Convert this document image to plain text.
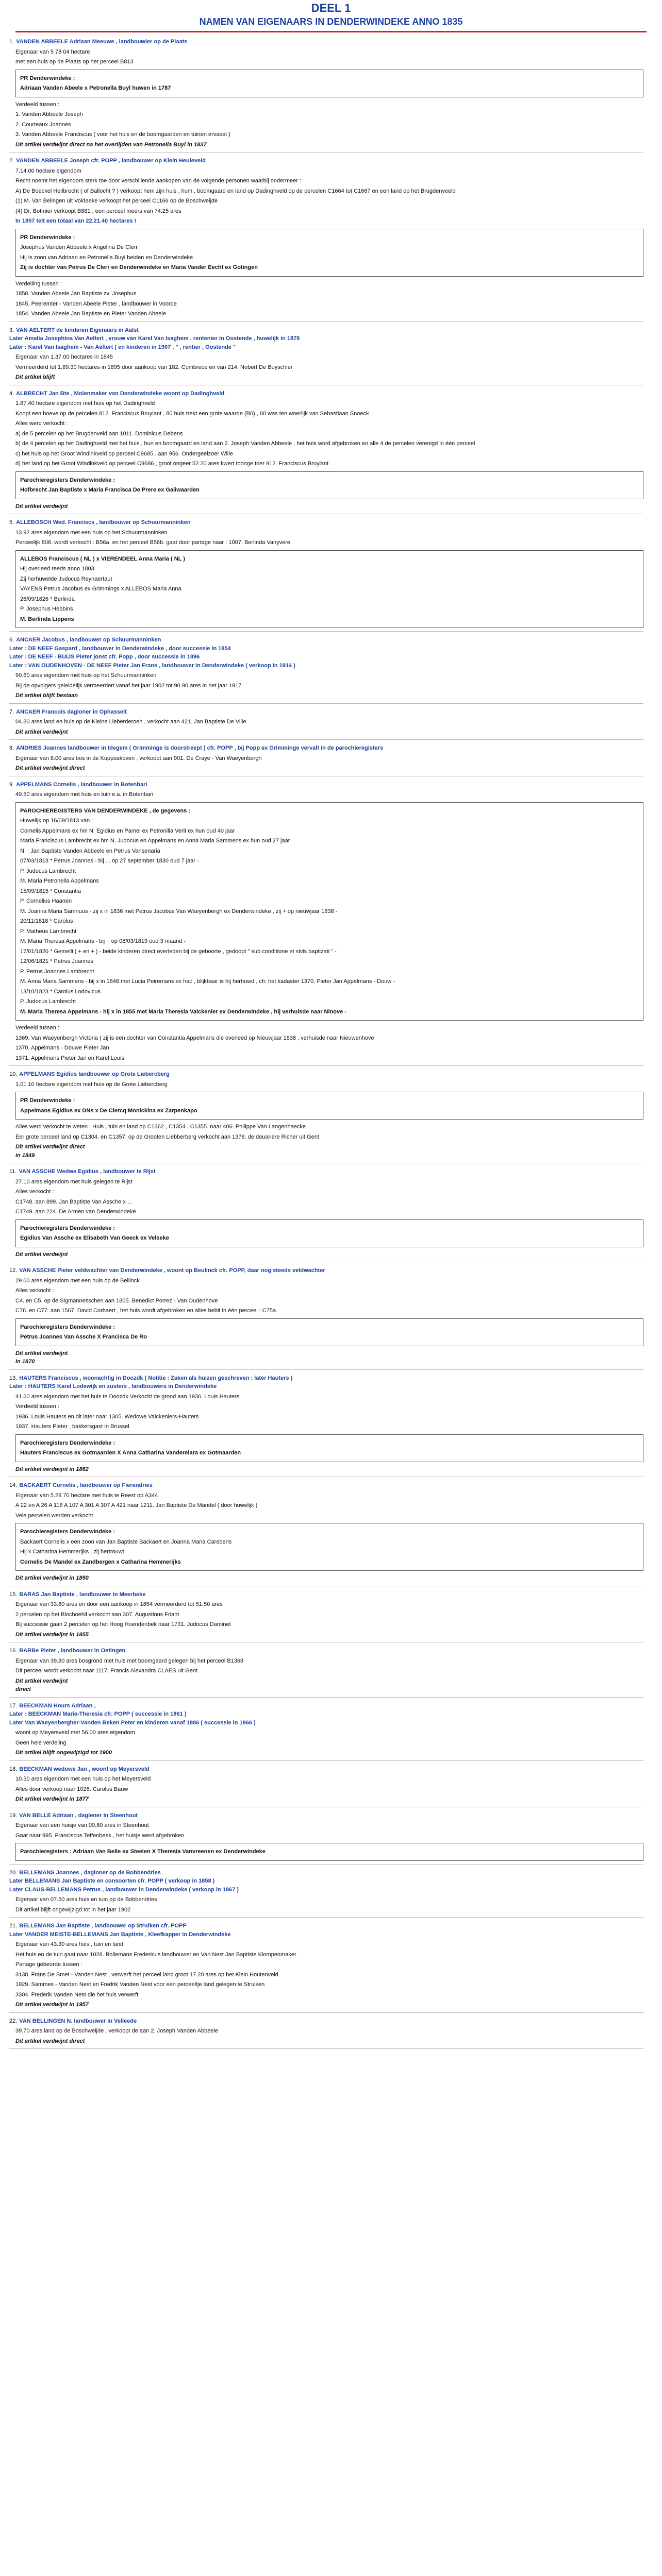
DEEL 1
NAMEN VAN EIGENAARS IN DENDERWINDEKE ANNO 1835
1. VANDEN ABBEELE Adriaan Meeuwe , landbouwier op de Plaats

Eigenaar van 5 78 04 hectare

met een huis op de Plaats op het perceel B813

PR Denderwindeke :

Adriaan Vanden Abeele x Petronella Buyl huwen in 1787

Verdeeld tussen :

1. Vanden Abbeele Joseph

2. Courteaux Joannes

3. Vanden Abbeele Franciscus ( voor het huis en de boomgaarden en tuinen ervaast )

Dit artikel verdwijnt direct na het overlijden van Petronella Buyl in 1837
2. VANDEN ABBEELE Joseph cfr. POPP , landbouwer op Klein Heuleveld

7.14.00 hectare eigendom

Recht noemt het eigendom sterk toe door verschillende aankopen van de volgende personen waarbij ondermeer :

A) De Boeckel Heilbrecht ( of Ballocht ? ) verkoopt hem zijn huis , hum , boomgaard en land op Dadinghveld op de percelen C1664 tot C1667 en een land op het Brugdenveeld

(1) M. Van Belingen uit Voldeeke verkoopt het perceel C1166 op de Boschweijde

(4) Dr. Botmier verkoopt B881 , een perceel meers van 74.25 ares

In 1857 telt een totaal van 22.21.40 hectares !

PR Denderwindeke :

Josephus Vanden Abbeele x Angelina De Clerr

Hij is zoon van Adriaan en Petronella Buyl beiden en Denderwindeke

Zij is dochter van Petrus De Clerr en Denderwindeke en Maria Vander Eecht ex Gotingen

Verdelling tussen :

1858. Vanden Abeele Jan Baptiste zv. Josephus

1845. Peeremter - Vanden Abeele Pieter , landbouwer in Voorde

1854. Vanden Abeele Jan Baptiste en Pieter Vanden Abeele

3. VAN AELTERT de kinderen Eigenaars in Aalst
Later Amalia Josephina Van Aeltert , vrouw van Karel Van Isaghem , rentenier in Oostende , huwelijk in 1876
Later : Karel Van Isaghem - Van Aeltert ( en kinderen in 1907 , " , rentier , Oostende "

Eigenaar van 1.37.00 hectares in 1845

Vermeerderd tot 1.89.30 hectares in 1895 door aankoop van 182. Combrece en van 214. Nobert De Buyschier

Dit artikel blijft
4. ALBRECHT Jan Bte , Molenmaker van Denderwindeke woont op Dadinghveld

1.87.40 hectare eigendom met huis op het Dadinghveld

Koopt een hoeve op de percelen 812. Franciscus Bruylant , 80 huis trekt een grote waarde (B0) , 80 was ten woerlijk van Sebastiaan Snoeck

Alles werd verkocht :

a) de 5 percelen op het Brugdenveld aan 1011. Dominicus Debens

b) de 4 percelen op het Dadinghveld met het huis , hun en boomgaard en land aan 2. Joseph Vanden Abbeele , het huis word afgebroken en alle 4 de percelen verenigd in één perceel

c) het huis op het Groot Windinkveld op perceel C9685 . aan 956. Ondergeelzoer Wille

d) het land op het Groot Windinkveld op perceel C9686 , groot ongeer 52.20 ares kwert toonge toer 912. Franciscus Bruylant

Parochieregisters Denderwindeke :

Hofbrecht Jan Baptiste x Maria Francisca De Prere ex Gaiiwaarden

Dit artikel verdwijnt
5. ALLEBOSCH Wed. Franciscs , landbouwer op Schuurmanninken

13.92 ares eigendom met een huis op het Schuurmanninken

Perceelijk 806. wordt verkocht : B56a. en het perceel B56b. gaat door partage naar : 1007. Berlinda Vanyvere

ALLEBOS Franciscus ( NL ) x VIERENDEEL Anna Maria ( NL )

Hij overleed reeds anno 1803

Zij herhuwelde Judocus Reynaertaut

VAYENS Petrus Jacobus ex Grimmings x ALLEBOS Maria Anna

26/09/1826 * Berlinda

P. Josephus Hebbins

M. Berlinda Lippens

6. ANCAER Jacobus , landbouwer op Schuurmanninken
Later : DE NEEF Gaspard , landbouwer in Denderwindeke , door successie in 1854
Later : DE NEEF - BUIJS Pieter jonst cfr. Popp , door successie in 1896
Later : VAN OUDENHOVEN - DE NEEF Pieter Jan Frans , landbouwer in Denderwindeke ( verkoop in 1914 )

90.60 ares eigendom met huis op het Schuurmanninken

Bij de opvolgers geleidelijk vermeerdert vanaf het jaar 1902 tot 90.90 ares in het jaar 1917

Dit artikel blijft bestaan
7. ANCAER Francois dagloner in Ophasselt

04.80 ares land en huis op de Kleine Lieberderoeh , verkocht aan 421. Jan Baptiste De Ville

Dit artikel verdwijnt
8. ANDRIES Joannes landbouwer in Idegem ( Grimminge is doorstreept ) cfr. POPP , bij Popp ex Grimminge vervalt in de parochieregisters

Eigenaar van 8.00 ares bos in de Kupposkoven , verkoopt aan 901. De Craye - Van Waeyenbergh

Dit artikel verdwijnt direct
9. APPELMANS Cornelis , landbouwer in Botenbari

40.50 ares eigendom met huis en tuin e.a. in Botenbari

PAROCHIEREGISTERS VAN DENDERWINDEKE , de gegevens :

Huwelijk op 16/09/1813 van :

Cornelis Appelmans ex hm N. Egidius en Pamel ex Petronilla Verit ex hun oud 40 jaar

Maria Franciscus Lambrecht ex hm N. Judocus en Appelmans en Anna Maria Sammens ex hun oud 27 jaar

N. : Jan Baptiste Vanden Abbeele en Petrus Vansenaria

07/03/1813 * Petrus Joannes - bij ... op 27 september 1830 oud 7 jaar -

P. Judocus Lambrecht

M. Maria Petronella Appelmans

15/09/1815 * Constantia

P. Cornelius Haanen

M. Joanna Maria Samnuus - zij x in 1836 met Petrus Jacobus Van Waeyenbergh ex Denderwindeke , zij + op nieuwjaar 1838 -

20/11/1818 * Carolus

P. Matheus Lambrecht

M. Maria Theresa Appelmans - bij + op 08/03/1819 oud 3 maand -

17/01/1820 * Gemelli ( + en + ) - beide kinderen direct overleden bij de geboorte , gedoopt " sub conditione et sivis baptizati " -

12/06/1821 * Petrus Joannes

P. Petrus Joannes Lambrecht

M. Anna Maria Sammens - bij x in 1848 met Lucia Peiremans ex hac , blijkbaar is hij herhuwd , cfr. het kadaster 1370. Pieter Jan Appelmans - Douw -

13/10/1823 * Carolus Lodovicus

P. Judocus Lambrecht

M. Maria Theresa Appelmans - hij x in 1855 met Maria Theresia Valckenier ex Denderwindeke , hij verhuisde naar Ninove -

Verdeeld tussen :

1369. Van Waeyenbergh Victoria ( zij is een dochter van Constantia Appelmans die overleed op Nieuwjaar 1838 , verhuisde naar Nieuwenhove

1370. Appelmans - Douwe Pieter Jan

1371. Appelmans Pieter Jan en Karel Louis

10. APPELMANS Egidius landbouwer op Grote Liebercberg

1.01.10 hectare eigendom met huis op de Grote Liebercberg

PR Denderwindeke :

Appelmans Egidius ex DNs x De Clercq Monickina ex Zarpenkapo

Alles werd verkocht te weten : Huis , tuin en land op C1362 , C1354 , C1355. naar 406. Philippe Van Langenhaecke

Eer grote perceel land op C1304. en C1357. op de Grooten Liebberberg verkocht aan 1378. de douariere Richer uit Gent

Dit artikel verdwijnt direct
in 1849
11. VAN ASSCHE Wedwe Egidius , landbouwer te Rijst

27.10 ares eigendom met huis gelegen te Rijst

Alles verkocht :

C1748. aan 899. Jan Baptiste Van Assche x ...

C1749. aan 224. De Armen van Denderwindeke

Parochieregisters Denderwindeke :

Egidius Van Assche ex Elisabeth Van Geeck ex Velseke

Dit artikel verdwijnt
12. VAN ASSCHE Pieter veldwachter van Denderwindeke , woont op Beulinck cfr. POPP, daar nog steeds veldwachter

29.00 ares eigendom met een huis op de Beilinck

Alles verkocht :

C4. en C5. op de Sigmannesschen aan 1805. Benedict Porrez - Van Oudenhove

C76. en C77. aan 1567. David Corbaert , het huis wordt afgebroken en alles bebit in één perceel ; C75a.

Parochieregisters Denderwindeke :

Petrus Joannes Van Assche X Francisca De Ro

Dit artikel verdwijnt
in 1870
13. HAUTERS Franciscus , woonachtig in Doozdk ( Notitie : Zaken als huizen geschreven : later Hauters )
Later : HAUTERS Karel Lodewijk en zusters , landbouwers in Denderwindeke

41.60 ares eigendom met het huis te Doozdk Verkocht de grond aan 1936. Louis Hauters

Verdeeld tussen :

1936. Louis Hauters en dit later naar 1305. Wedowe Valckeniers-Hauters

1937. Hauters Pieter , bakkersgast in Brussel

Parochieregisters Denderwindeke :

Hauters Franciscus ex Gotmaarden X Anna Catharina Vanderelara ex Gotmaarden

Dit artikel verdwijnt in 1862
14. BACKAERT Cornelis , landbouwer op Fierendries

Eigenaar van 5.28.70 hectare met huis te Reest op A344

A 22 en A 26 A 116 A 107 A 301 A 307 A 421 naar 1211. Jan Baptiste De Mandel ( door huwelijk )

Vele percelen werden verkocht

Parochieregisters Denderwindeke :

Backaert Cornelis x een zoon van Jan Baptiste Backaert en Joanna Maria Carebens

Hij x Catharina Hemmerijks , zij hertrouwt

Cornelis De Mandel ex Zandbergen x Catharina Hemmerijks

Dit artikel verdwijnt in 1850
15. BARAS Jan Baptiste , landbouwer in Meerbeke

Eigenaar van 33.60 ares en door een aankoop in 1854 vermeerderd tot 51.50 ares

2 percelen op het Blochoehil verkocht aan 307. Augustinus Friant

Bij successie gaan 2 percelen op het Hoog Hoendenbek naar 1731. Judocus Daminet

Dit artikel verdwijnt in 1855
16. BARBe Pieter , landbouwer in Oetingen

Eigenaar van 39.80 ares bosgrond met huis met boomgaard gelegen bij het perceel B1368

Dit perceel wordt verkocht naar 1117. Francis Alexandra CLAES uit Gent

Dit artikel verdwijnt
direct
17. BEECKMAN Hours Adriaan ,
Later : BEECKMAN Marie-Theresia cfr. POPP ( successie in 1861 )
Later Van Waeyenbergher-Vanden Beken Peter en kinderen vanaf 1886 ( successie in 1866 )

woont op Meyersveld met 56.00 ares eigendom

Geen hele verdeling

Dit artikel blijft ongewijzigd tot 1900
18. BEECKMAN wedowe Jan , woont op Meyersveld

10.50 ares eigendom met een huis op het Meyersveld

Alles door verkoop naar 1026. Carolus Bauw

Dit artikel verdwijnt in 1877
19. VAN BELLE Adriaan , daglener in Steenhout

Eigenaar van een huisje van 00.80 ares in Steenhout

Gaat naar 995. Franciscus Teffenbeek , het huisje werd afgebroken

Parochieregisters : Adriaan Van Belle ex Steelen X Theresia Vanvreenen ex Denderwindeke

20. BELLEMANS Joannes , dagloner op de Bobbendries
Later BELLEMANS Jan Baptiste en consoorten cfr. POPP ( verkoop in 1858 )
Later CLAUS-BELLEMANS Petrus , landbouwer in Denderwindeke ( verkoop in 1867 )

Eigenaar van 07.50 ares huis en tuin op de Bobbendries

Dit artikel blijft ongewijzigd tot in het jaar 1902

21. BELLEMANS Jan Baptiste , landbouwer op Struiken cfr. POPP
Later VANDER MEISTE-BELLEMANS Jan Baptiste , Kleefkapper in Denderwindeke

Eigenaar van 43.30 ares huis , tuin en land

Het huis en de tuin gaat naar 1028. Bollemans Fredericus landbouwer en Van Nest Jan Baptiste Klompenmaker

Partage gebeurde tussen :

3138. Frans De Smet - Vanden Nest , verwerft het perceel land groot 17.20 ares op het Klein Houtenveld

1929. Sammes - Vanden Nest en Fredrik Vanden Nest voor een perceeltje land gelegen te Struiken

3304. Frederik Vanden Nest die het huis verwerft

Dit artikel verdwijnt in 1957
22. VAN BELLINGEN N. landbouwer in Velleede

39.70 ares land op de Boschweijde , verkoopt de aan 2. Joseph Vanden Abbeele

Dit artikel verdwijnt direct
